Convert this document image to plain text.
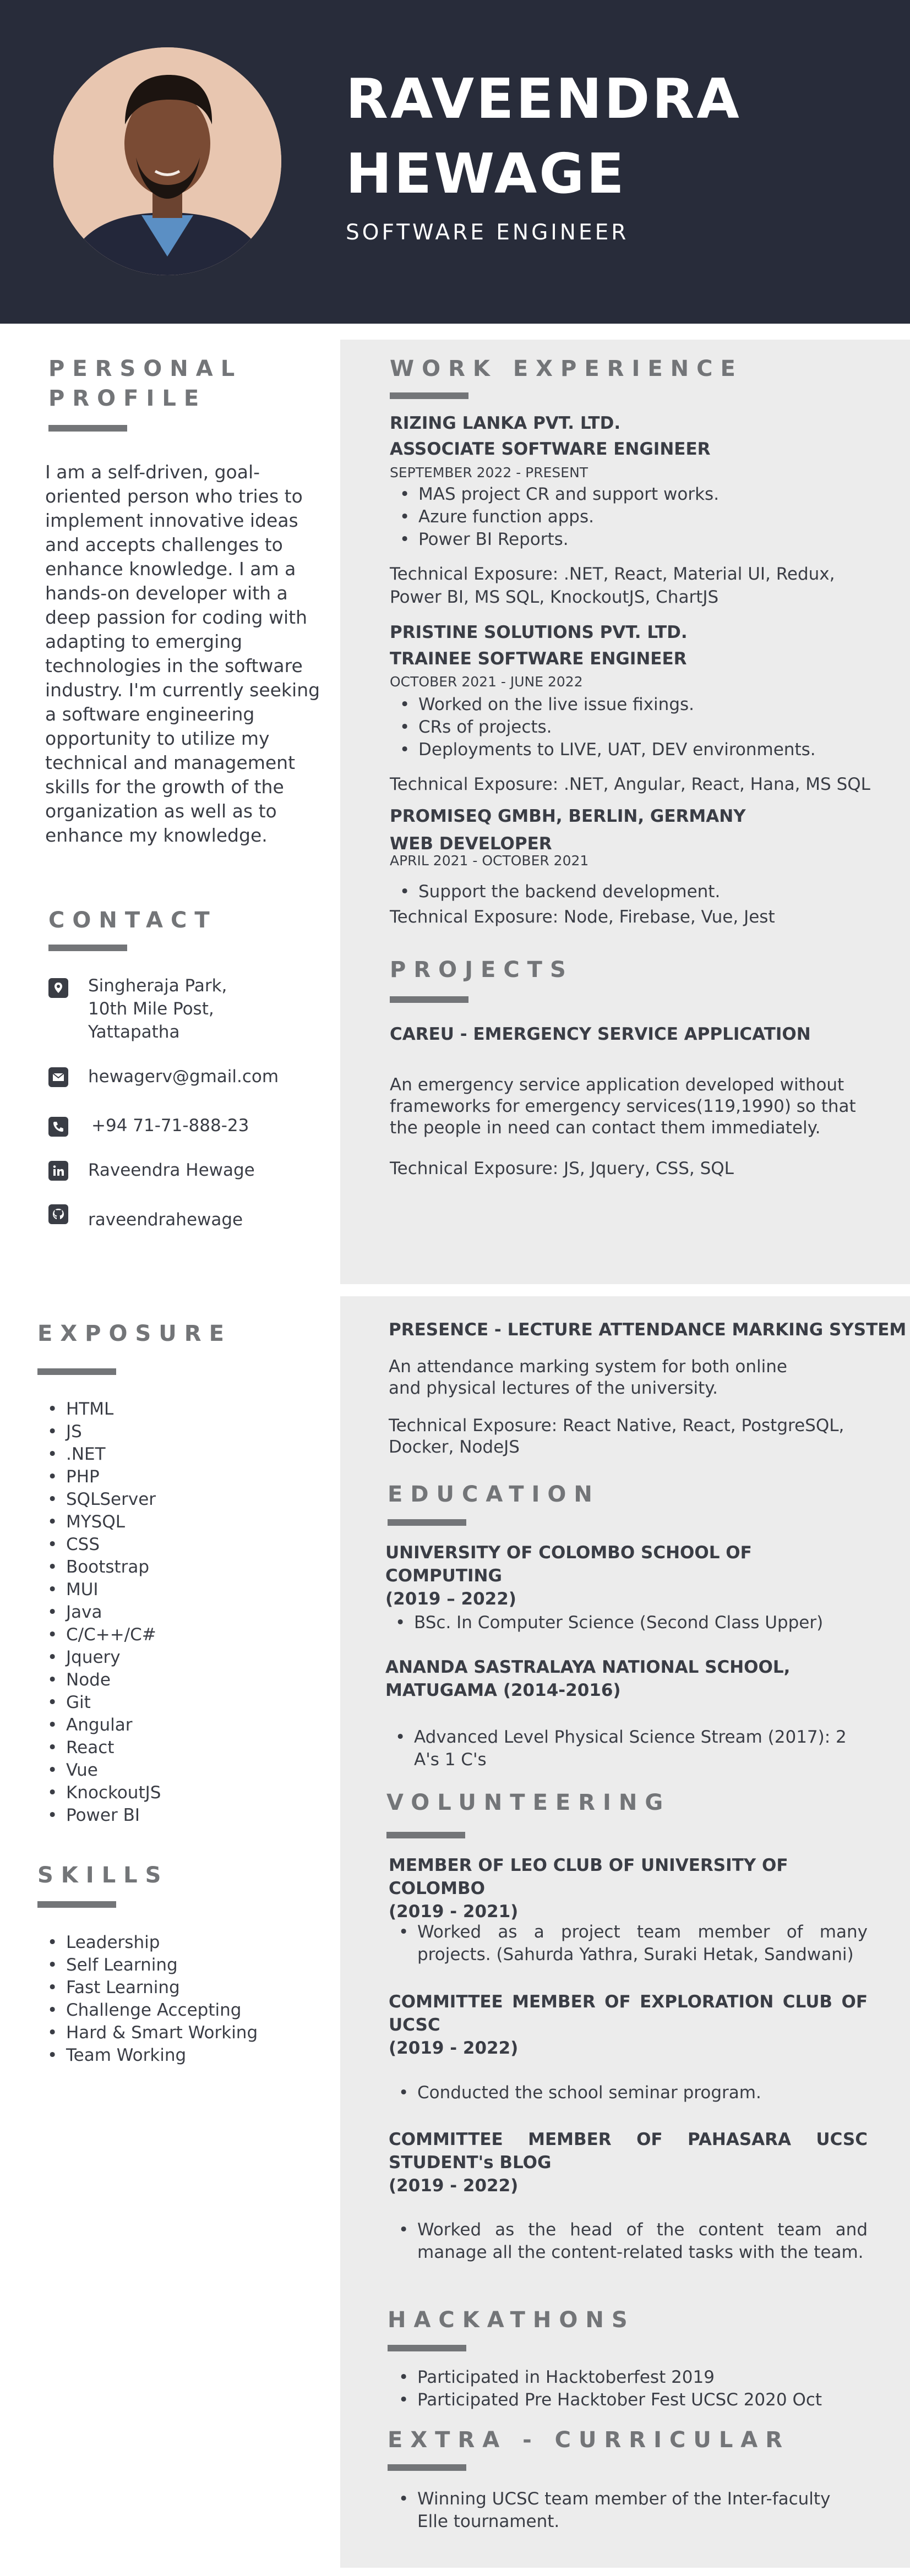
RAVEENDRA
HEWAGE
SOFTWARE ENGINEER
PERSONAL
PROFILE
I am a self-driven, goal-oriented person who tries to implement innovative ideas and accepts challenges to enhance knowledge. I am a hands-on developer with a deep passion for coding with adapting to emerging technologies in the software industry. I'm currently seeking a software engineering opportunity to utilize my technical and management skills for the growth of the organization as well as to enhance my knowledge.
CONTACT
Singheraja Park,
10th Mile Post,
Yattapatha
hewagerv@gmail.com
+94 71-71-888-23
Raveendra Hewage
raveendrahewage
EXPOSURE
• HTML
• JS
• .NET
• PHP
• SQLServer
• MYSQL
• CSS
• Bootstrap
• MUI
• Java
• C/C++/C#
• Jquery
• Node
• Git
• Angular
• React
• Vue
• KnockoutJS
• Power BI
SKILLS
• Leadership
• Self Learning
• Fast Learning
• Challenge Accepting
• Hard & Smart Working
• Team Working
WORK EXPERIENCE
RIZING LANKA PVT. LTD.
ASSOCIATE SOFTWARE ENGINEER
SEPTEMBER 2022 - PRESENT
• MAS project CR and support works.
• Azure function apps.
• Power BI Reports.
Technical Exposure: .NET, React, Material UI, Redux, Power BI, MS SQL, KnockoutJS, ChartJS
PRISTINE SOLUTIONS PVT. LTD.
TRAINEE SOFTWARE ENGINEER
OCTOBER 2021 - JUNE 2022
• Worked on the live issue fixings.
• CRs of projects.
• Deployments to LIVE, UAT, DEV environments.
Technical Exposure: .NET, Angular, React, Hana, MS SQL
PROMISEQ GMBH, BERLIN, GERMANY
WEB DEVELOPER
APRIL 2021 - OCTOBER 2021
• Support the backend development.
Technical Exposure: Node, Firebase, Vue, Jest
PROJECTS
CAREU - EMERGENCY SERVICE APPLICATION
An emergency service application developed without frameworks for emergency services(119,1990) so that the people in need can contact them immediately.
Technical Exposure: JS, Jquery, CSS, SQL
PRESENCE - LECTURE ATTENDANCE MARKING SYSTEM
An attendance marking system for both online and physical lectures of the university.
Technical Exposure: React Native, React, PostgreSQL, Docker, NodeJS
EDUCATION
UNIVERSITY OF COLOMBO SCHOOL OF COMPUTING
(2019 – 2022)
• BSc. In Computer Science (Second Class Upper)
ANANDA SASTRALAYA NATIONAL SCHOOL, MATUGAMA (2014-2016)
• Advanced Level Physical Science Stream (2017): 2 A's 1 C's
VOLUNTEERING
MEMBER OF LEO CLUB OF UNIVERSITY OF COLOMBO
(2019 - 2021)
• Worked as a project team member of many projects. (Sahurda Yathra, Suraki Hetak, Sandwani)
COMMITTEE MEMBER OF EXPLORATION CLUB OF UCSC
(2019 - 2022)
• Conducted the school seminar program.
COMMITTEE MEMBER OF PAHASARA UCSC STUDENT's BLOG
(2019 - 2022)
• Worked as the head of the content team and manage all the content-related tasks with the team.
HACKATHONS
• Participated in Hacktoberfest 2019
• Participated Pre Hacktober Fest UCSC 2020 Oct
EXTRA - CURRICULAR
• Winning UCSC team member of the Inter-faculty Elle tournament.
